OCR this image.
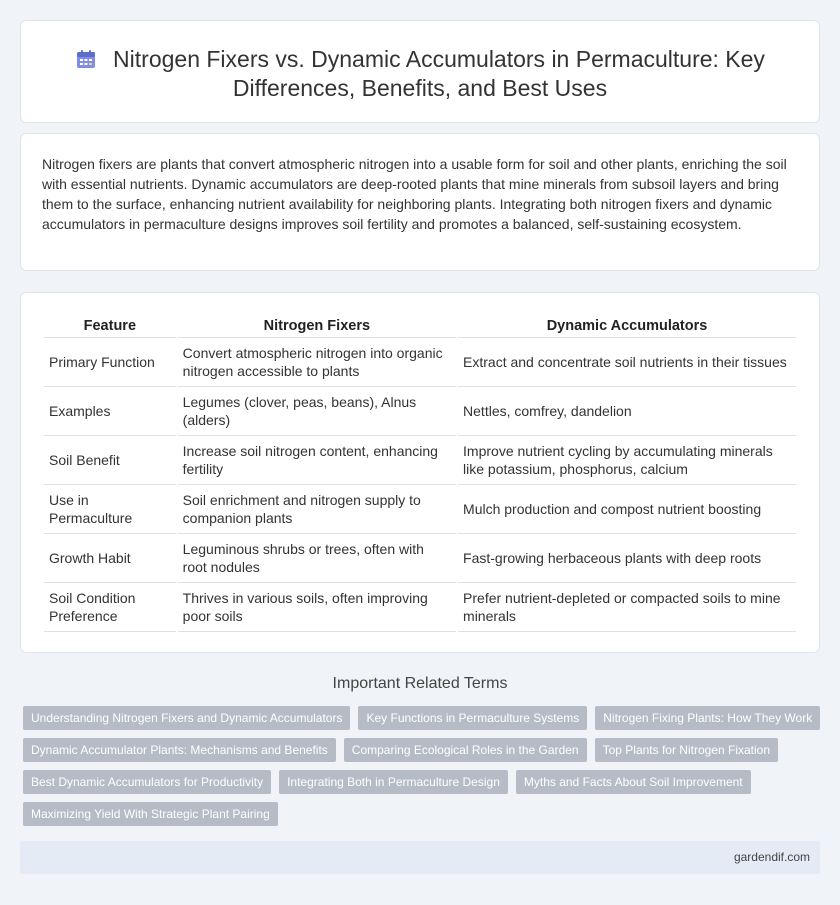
Nitrogen Fixers vs. Dynamic Accumulators in Permaculture: Key Differences, Benefits, and Best Uses

Nitrogen fixers are plants that convert atmospheric nitrogen into a usable form for soil and other plants, enriching the soil with essential nutrients. Dynamic accumulators are deep-rooted plants that mine minerals from subsoil layers and bring them to the surface, enhancing nutrient availability for neighboring plants. Integrating both nitrogen fixers and dynamic accumulators in permaculture designs improves soil fertility and promotes a balanced, self-sustaining ecosystem.

Feature	Nitrogen Fixers	Dynamic Accumulators
Primary Function	Convert atmospheric nitrogen into organic nitrogen accessible to plants	Extract and concentrate soil nutrients in their tissues
Examples	Legumes (clover, peas, beans), Alnus (alders)	Nettles, comfrey, dandelion
Soil Benefit	Increase soil nitrogen content, enhancing fertility	Improve nutrient cycling by accumulating minerals like potassium, phosphorus, calcium
Use in Permaculture	Soil enrichment and nitrogen supply to companion plants	Mulch production and compost nutrient boosting
Growth Habit	Leguminous shrubs or trees, often with root nodules	Fast-growing herbaceous plants with deep roots
Soil Condition Preference	Thrives in various soils, often improving poor soils	Prefer nutrient-depleted or compacted soils to mine minerals
Important Related Terms
Understanding Nitrogen Fixers and Dynamic Accumulators	Key Functions in Permaculture Systems	Nitrogen Fixing Plants: How They Work
Dynamic Accumulator Plants: Mechanisms and Benefits	Comparing Ecological Roles in the Garden	Top Plants for Nitrogen Fixation
Best Dynamic Accumulators for Productivity	Integrating Both in Permaculture Design	Myths and Facts About Soil Improvement
Maximizing Yield With Strategic Plant Pairing
gardendif.com
